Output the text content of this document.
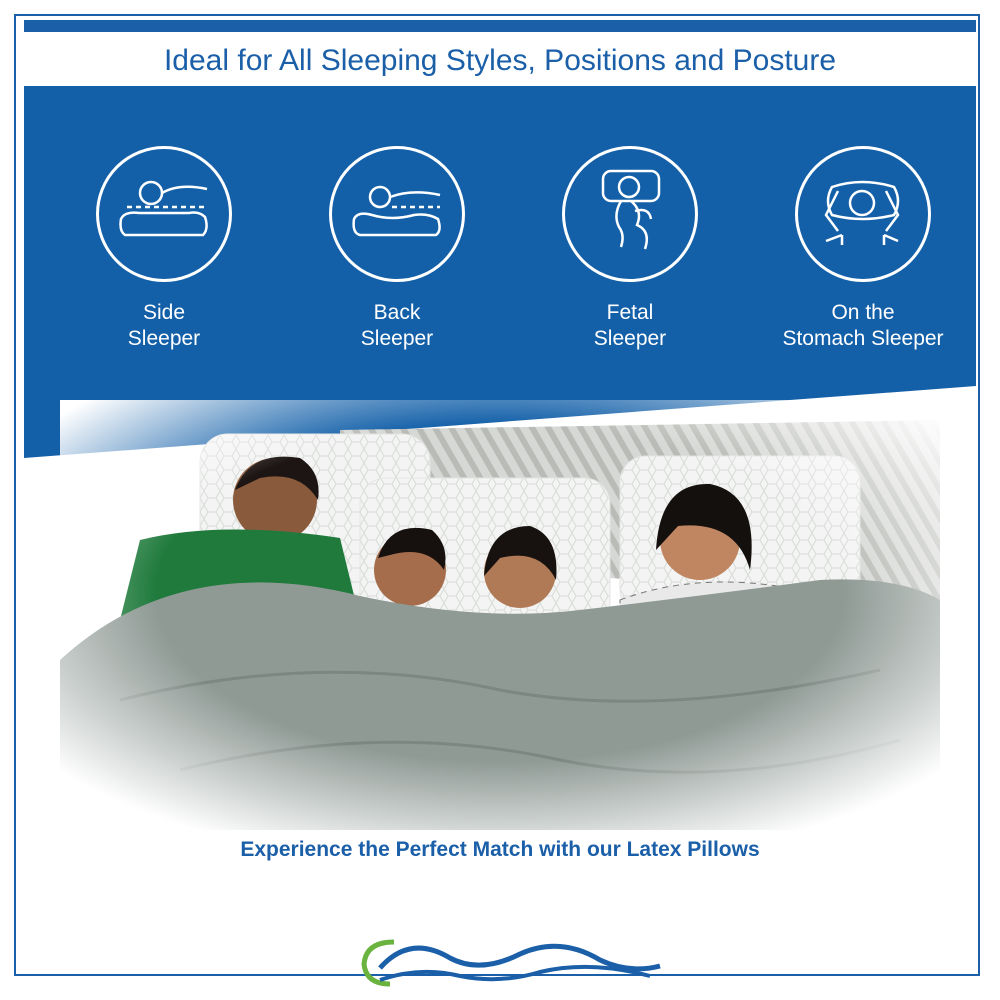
Ideal for All Sleeping Styles, Positions and Posture
Side
Sleeper
Back
Sleeper
Fetal
Sleeper
On the
Stomach Sleeper
Experience the Perfect Match with our Latex Pillows
